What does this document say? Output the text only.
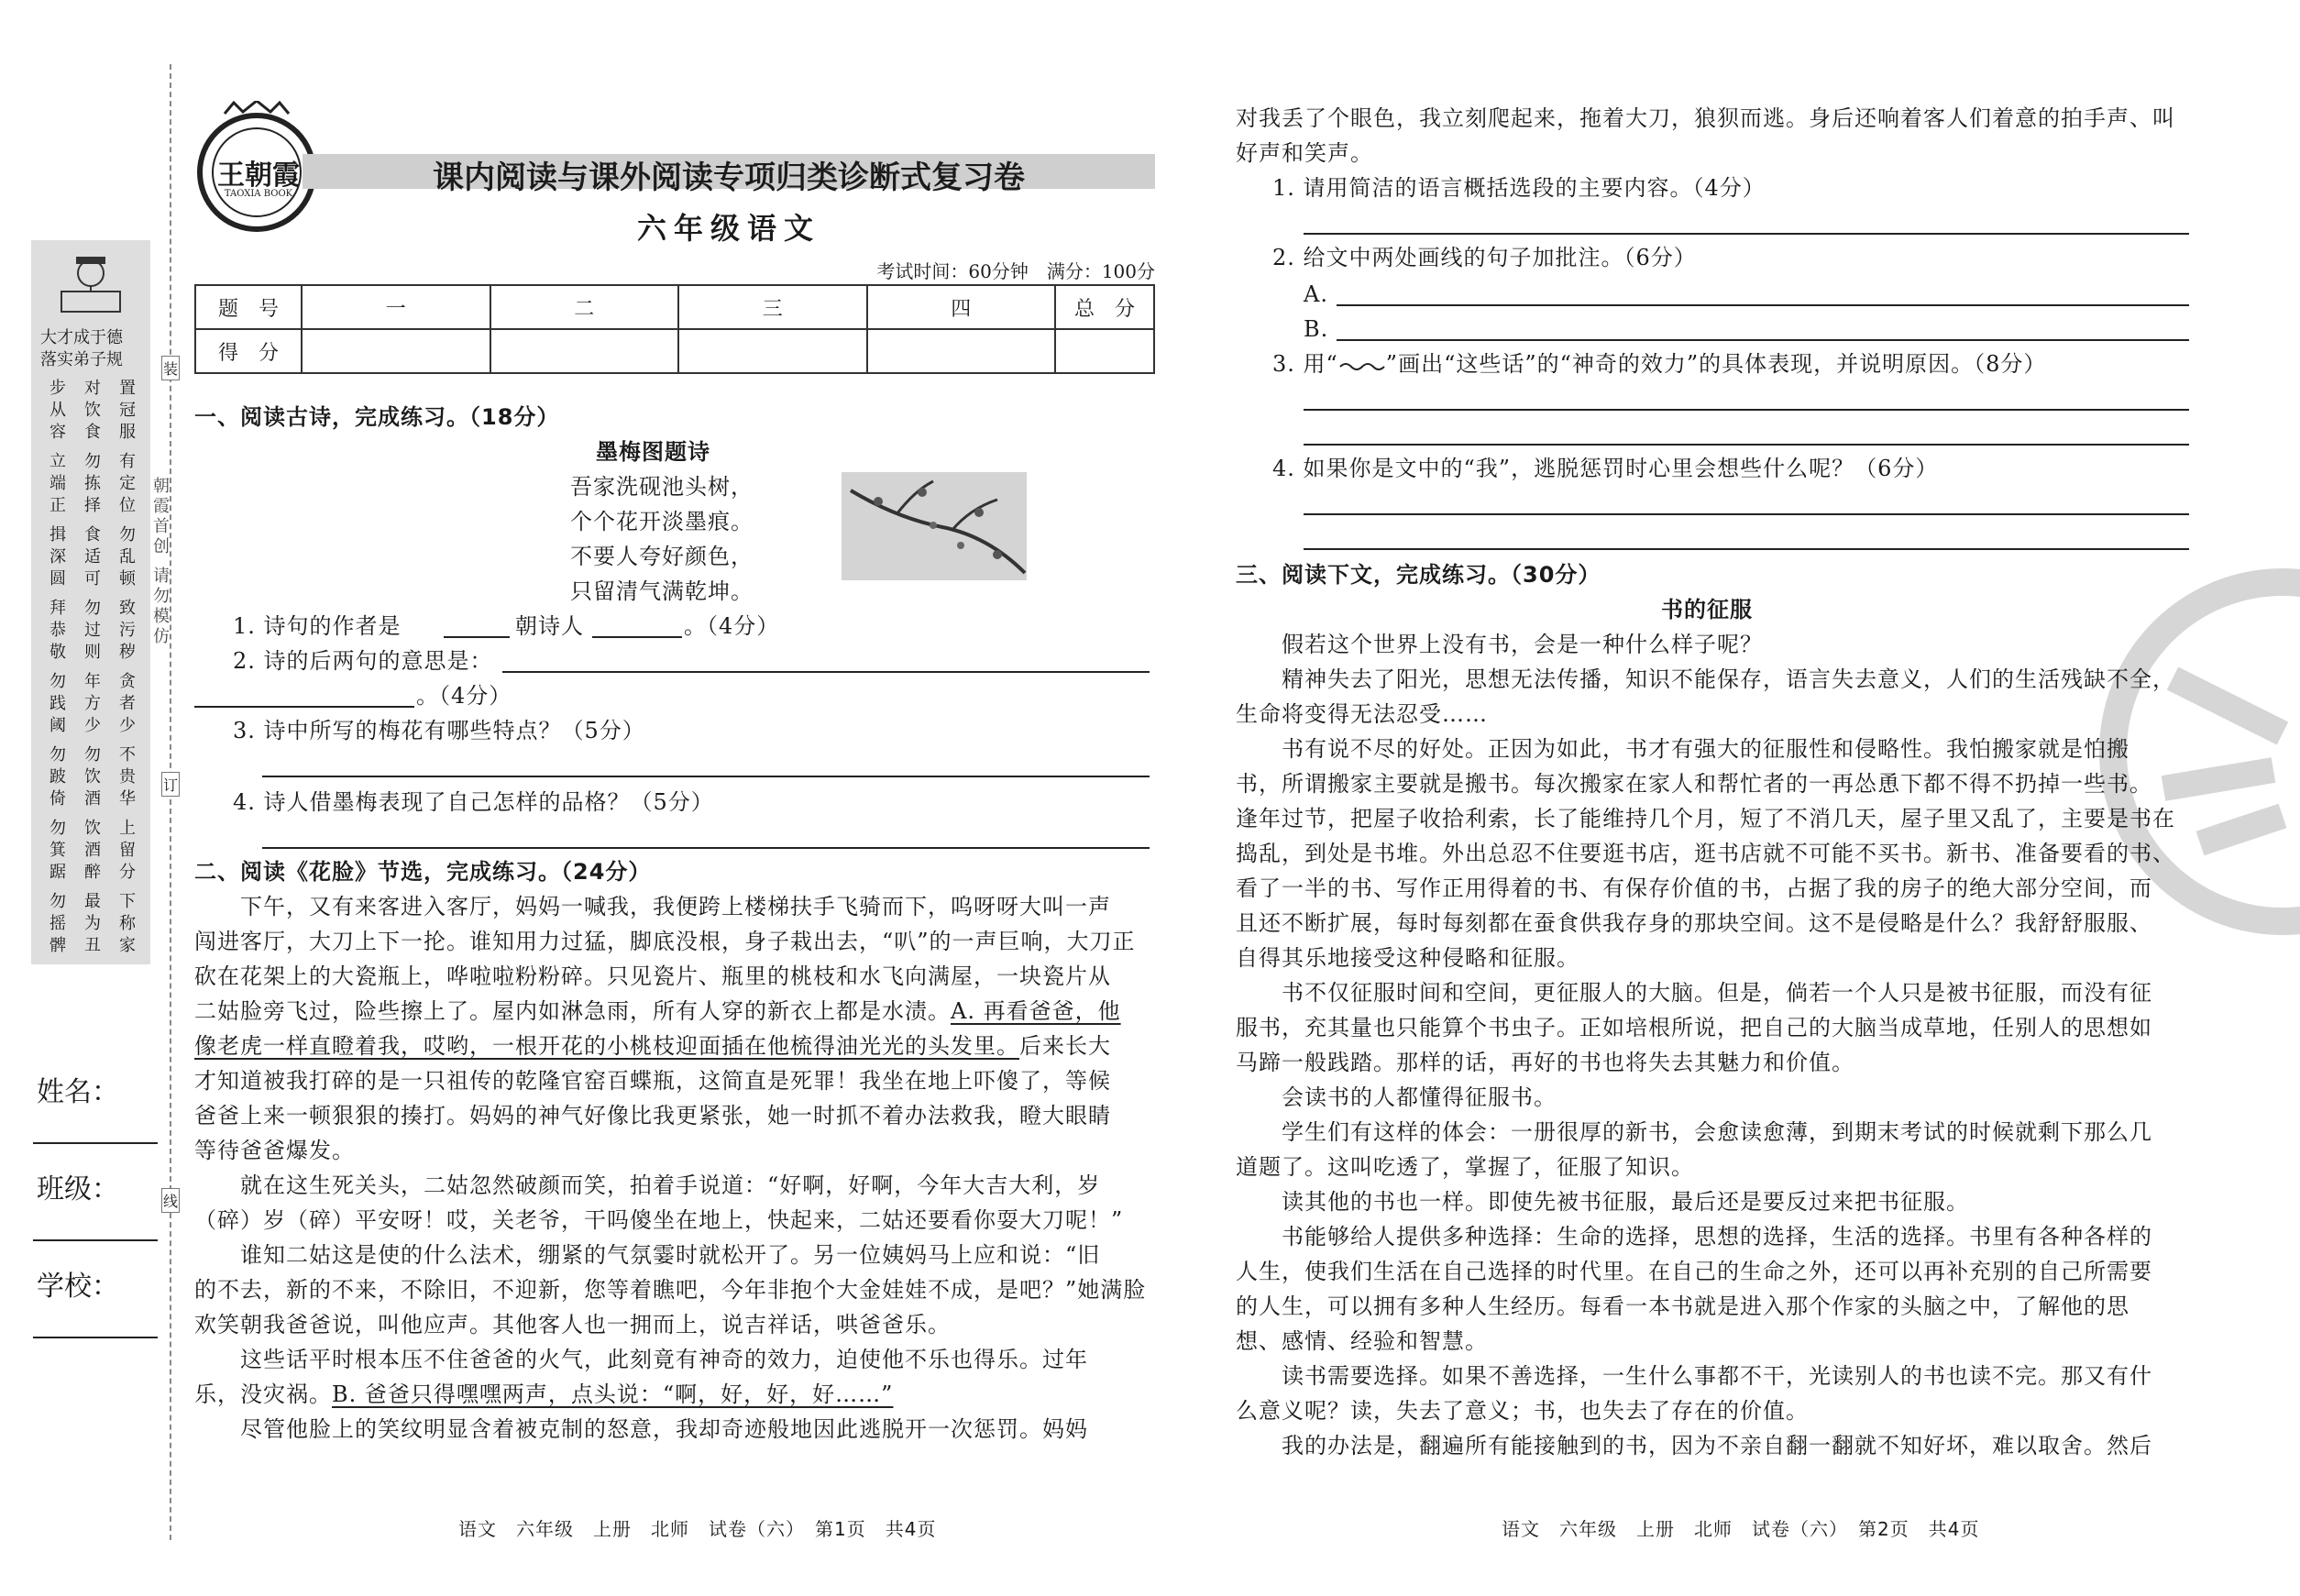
大才成于德
落实弟子规
置冠服
对饮食
步从容
有定位
勿拣择
立端正
勿乱顿
食适可
揖深圆
致污秽
勿过则
拜恭敬
贪者少
年方少
勿践阈
不贵华
勿饮酒
勿跛倚
上留分
饮酒醉
勿箕踞
下称家
最为丑
勿摇髀
朝霞首创
请勿模仿
装
订
线
姓名：
班级：
学校：
王朝霞
TAOXIA BOOK	课内阅读与课外阅读专项归类诊断式复习卷
六年级语文
考试时间：60分钟　满分：100分
题　号	一	二	三	四	总　分
得　分					
一、阅读古诗，完成练习。（18分）
墨梅图题诗
吾家洗砚池头树，
个个花开淡墨痕。
不要人夸好颜色，
只留清气满乾坤。
1. 诗句的作者是	朝诗人	。（4分）
2. 诗的后两句的意思是：
。（4分）
3. 诗中所写的梅花有哪些特点？（5分）
4. 诗人借墨梅表现了自己怎样的品格？（5分）
二、阅读《花脸》节选，完成练习。（24分）
　　下午，又有来客进入客厅，妈妈一喊我，我便跨上楼梯扶手飞骑而下，呜呀呀大叫一声
闯进客厅，大刀上下一抡。谁知用力过猛，脚底没根，身子栽出去，“叭”的一声巨响，大刀正
砍在花架上的大瓷瓶上，哗啦啦粉粉碎。只见瓷片、瓶里的桃枝和水飞向满屋，一块瓷片从
二姑脸旁飞过，险些擦上了。屋内如淋急雨，所有人穿的新衣上都是水渍。A. 再看爸爸，他
像老虎一样直瞪着我，哎哟，一根开花的小桃枝迎面插在他梳得油光光的头发里。后来长大
才知道被我打碎的是一只祖传的乾隆官窑百蝶瓶，这简直是死罪！我坐在地上吓傻了，等候
爸爸上来一顿狠狠的揍打。妈妈的神气好像比我更紧张，她一时抓不着办法救我，瞪大眼睛
等待爸爸爆发。
　　就在这生死关头，二姑忽然破颜而笑，拍着手说道：“好啊，好啊，今年大吉大利，岁
（碎）岁（碎）平安呀！哎，关老爷，干吗傻坐在地上，快起来，二姑还要看你耍大刀呢！”
　　谁知二姑这是使的什么法术，绷紧的气氛霎时就松开了。另一位姨妈马上应和说：“旧
的不去，新的不来，不除旧，不迎新，您等着瞧吧，今年非抱个大金娃娃不成，是吧？”她满脸
欢笑朝我爸爸说，叫他应声。其他客人也一拥而上，说吉祥话，哄爸爸乐。
　　这些话平时根本压不住爸爸的火气，此刻竟有神奇的效力，迫使他不乐也得乐。过年
乐，没灾祸。B. 爸爸只得嘿嘿两声，点头说：“啊，好，好，好……”
　　尽管他脸上的笑纹明显含着被克制的怒意，我却奇迹般地因此逃脱开一次惩罚。妈妈
语文　六年级　上册　北师　试卷（六）　第1页　共4页
对我丢了个眼色，我立刻爬起来，拖着大刀，狼狈而逃。身后还响着客人们着意的拍手声、叫
好声和笑声。
1. 请用简洁的语言概括选段的主要内容。（4分）
2. 给文中两处画线的句子加批注。（6分）
A.
B.
3. 用“ ”画出“这些话”的“神奇的效力”的具体表现，并说明原因。（8分）
4. 如果你是文中的“我”，逃脱惩罚时心里会想些什么呢？（6分）
三、阅读下文，完成练习。（30分）
书的征服
　　假若这个世界上没有书，会是一种什么样子呢？
　　精神失去了阳光，思想无法传播，知识不能保存，语言失去意义，人们的生活残缺不全，
生命将变得无法忍受……
　　书有说不尽的好处。正因为如此，书才有强大的征服性和侵略性。我怕搬家就是怕搬
书，所谓搬家主要就是搬书。每次搬家在家人和帮忙者的一再怂恿下都不得不扔掉一些书。
逢年过节，把屋子收拾利索，长了能维持几个月，短了不消几天，屋子里又乱了，主要是书在
捣乱，到处是书堆。外出总忍不住要逛书店，逛书店就不可能不买书。新书、准备要看的书、
看了一半的书、写作正用得着的书、有保存价值的书，占据了我的房子的绝大部分空间，而
且还不断扩展，每时每刻都在蚕食供我存身的那块空间。这不是侵略是什么？我舒舒服服、
自得其乐地接受这种侵略和征服。
　　书不仅征服时间和空间，更征服人的大脑。但是，倘若一个人只是被书征服，而没有征
服书，充其量也只能算个书虫子。正如培根所说，把自己的大脑当成草地，任别人的思想如
马蹄一般践踏。那样的话，再好的书也将失去其魅力和价值。
　　会读书的人都懂得征服书。
　　学生们有这样的体会：一册很厚的新书，会愈读愈薄，到期末考试的时候就剩下那么几
道题了。这叫吃透了，掌握了，征服了知识。
　　读其他的书也一样。即使先被书征服，最后还是要反过来把书征服。
　　书能够给人提供多种选择：生命的选择，思想的选择，生活的选择。书里有各种各样的
人生，使我们生活在自己选择的时代里。在自己的生命之外，还可以再补充别的自己所需要
的人生，可以拥有多种人生经历。每看一本书就是进入那个作家的头脑之中，了解他的思
想、感情、经验和智慧。
　　读书需要选择。如果不善选择，一生什么事都不干，光读别人的书也读不完。那又有什
么意义呢？读，失去了意义；书，也失去了存在的价值。
　　我的办法是，翻遍所有能接触到的书，因为不亲自翻一翻就不知好坏，难以取舍。然后
语文　六年级　上册　北师　试卷（六）　第2页　共4页
